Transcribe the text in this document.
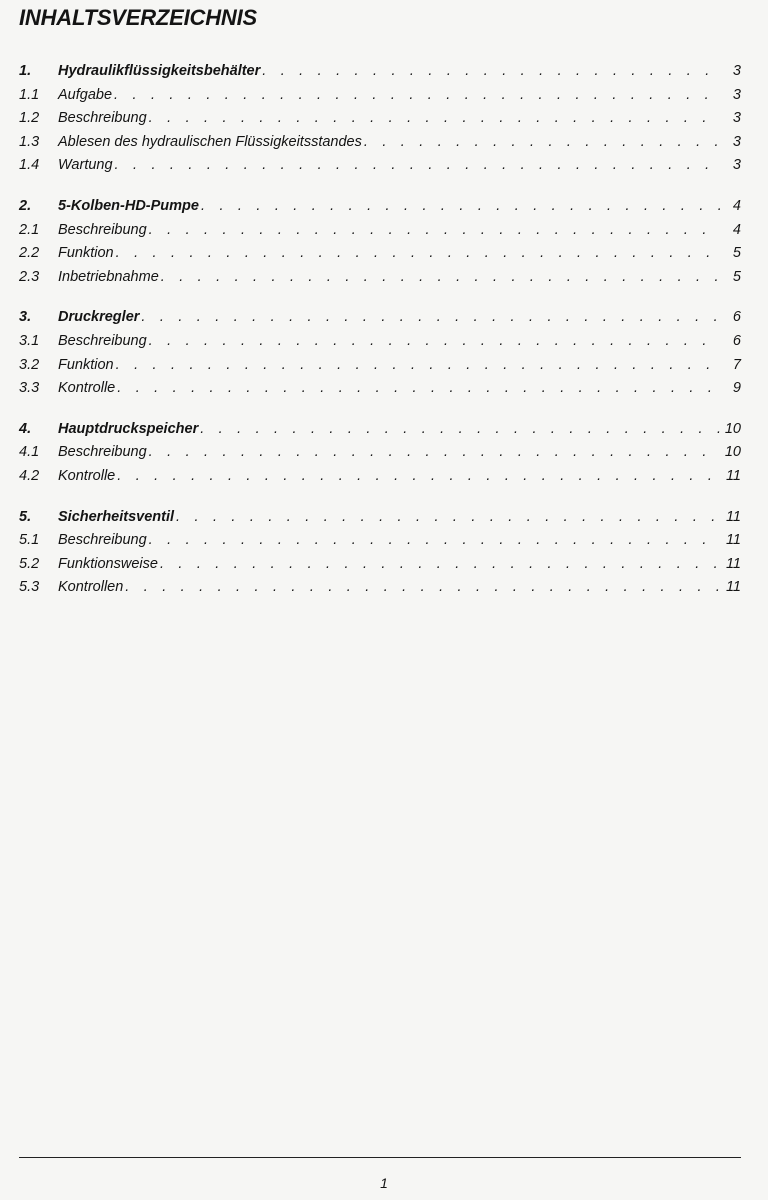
INHALTSVERZEICHNIS
1.	Hydraulikflüssigkeitsbehälter . . .	3
1.1	Aufgabe . . .	3
1.2	Beschreibung . . .	3
1.3	Ablesen des hydraulischen Flüssigkeitsstandes . . .	3
1.4	Wartung . . .	3
2.	5-Kolben-HD-Pumpe . . .	4
2.1	Beschreibung . . .	4
2.2	Funktion . . .	5
2.3	Inbetriebnahme . . .	5
3.	Druckregler . . .	6
3.1	Beschreibung . . .	6
3.2	Funktion . . .	7
3.3	Kontrolle . . .	9
4.	Hauptdruckspeicher . . .	10
4.1	Beschreibung . . .	10
4.2	Kontrolle . . .	11
5.	Sicherheitsventil . . .	11
5.1	Beschreibung . . .	11
5.2	Funktionsweise . . .	11
5.3	Kontrollen . . .	11
1
